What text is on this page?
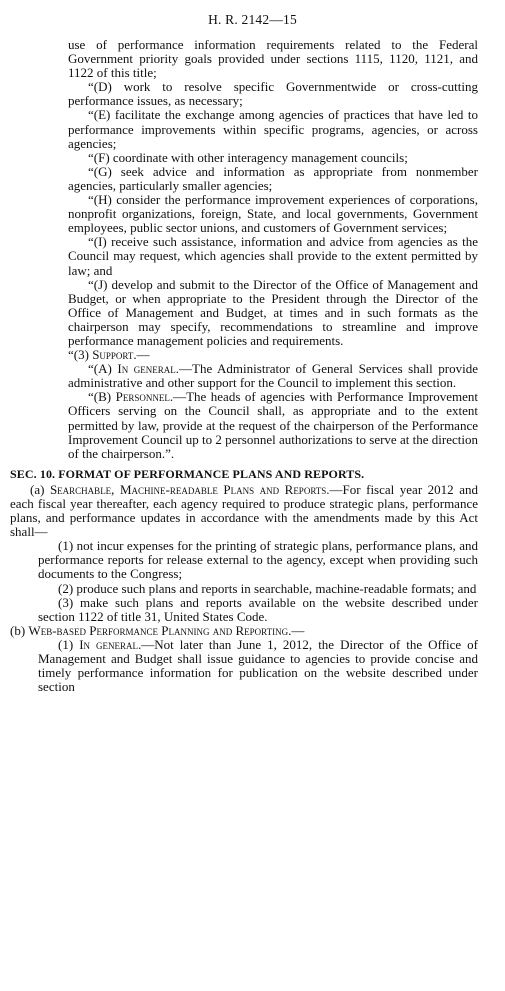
H. R. 2142—15

use of performance information requirements related to the Federal Government priority goals provided under sections 1115, 1120, 1121, and 1122 of this title;

“(D) work to resolve specific Governmentwide or cross-cutting performance issues, as necessary;

“(E) facilitate the exchange among agencies of practices that have led to performance improvements within specific programs, agencies, or across agencies;

“(F) coordinate with other interagency management councils;

“(G) seek advice and information as appropriate from nonmember agencies, particularly smaller agencies;

“(H) consider the performance improvement experiences of corporations, nonprofit organizations, foreign, State, and local governments, Government employees, public sector unions, and customers of Government services;

“(I) receive such assistance, information and advice from agencies as the Council may request, which agencies shall provide to the extent permitted by law; and

“(J) develop and submit to the Director of the Office of Management and Budget, or when appropriate to the President through the Director of the Office of Management and Budget, at times and in such formats as the chairperson may specify, recommendations to streamline and improve performance management policies and requirements.

“(3) Support.—

“(A) In general.—The Administrator of General Services shall provide administrative and other support for the Council to implement this section.

“(B) Personnel.—The heads of agencies with Performance Improvement Officers serving on the Council shall, as appropriate and to the extent permitted by law, provide at the request of the chairperson of the Performance Improvement Council up to 2 personnel authorizations to serve at the direction of the chairperson.”.

SEC. 10. FORMAT OF PERFORMANCE PLANS AND REPORTS.

(a) Searchable, Machine-readable Plans and Reports.—For fiscal year 2012 and each fiscal year thereafter, each agency required to produce strategic plans, performance plans, and performance updates in accordance with the amendments made by this Act shall—

(1) not incur expenses for the printing of strategic plans, performance plans, and performance reports for release external to the agency, except when providing such documents to the Congress;

(2) produce such plans and reports in searchable, machine-readable formats; and

(3) make such plans and reports available on the website described under section 1122 of title 31, United States Code.

(b) Web-based Performance Planning and Reporting.—

(1) In general.—Not later than June 1, 2012, the Director of the Office of Management and Budget shall issue guidance to agencies to provide concise and timely performance information for publication on the website described under section
